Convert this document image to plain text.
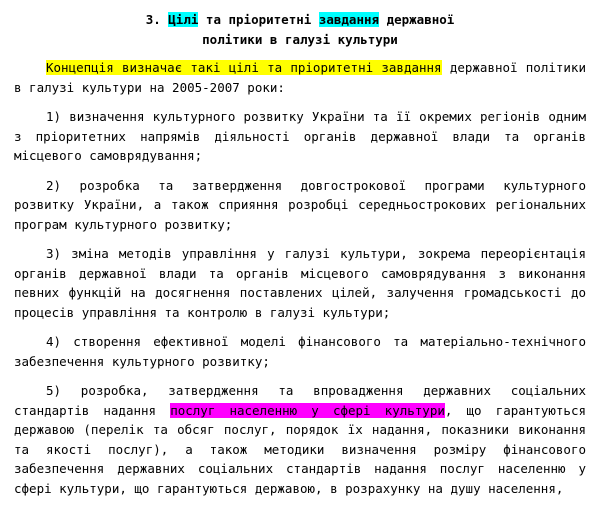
3. Цілі та пріоритетні завдання державної
політики в галузі культури

Концепція визначає такі цілі та пріоритетні завдання державної політики в галузі культури на 2005-2007 роки:

1) визначення культурного розвитку України та її окремих регіонів одним з пріоритетних напрямів діяльності органів державної влади та органів місцевого самоврядування;

2) розробка та затвердження довгострокової програми культурного розвитку України, а також сприяння розробці середньострокових регіональних програм культурного розвитку;

3) зміна методів управління у галузі культури, зокрема переорієнтація органів державної влади та органів місцевого самоврядування з виконання певних функцій на досягнення поставлених цілей, залучення громадськості до процесів управління та контролю в галузі культури;

4) створення ефективної моделі фінансового та матеріально-технічного забезпечення культурного розвитку;

5) розробка, затвердження та впровадження державних соціальних стандартів надання послуг населенню у сфері культури, що гарантуються державою (перелік та обсяг послуг, порядок їх надання, показники виконання та якості послуг), а також методики визначення розміру фінансового забезпечення державних соціальних стандартів надання послуг населенню у сфері культури, що гарантуються державою, в розрахунку на душу населення,
